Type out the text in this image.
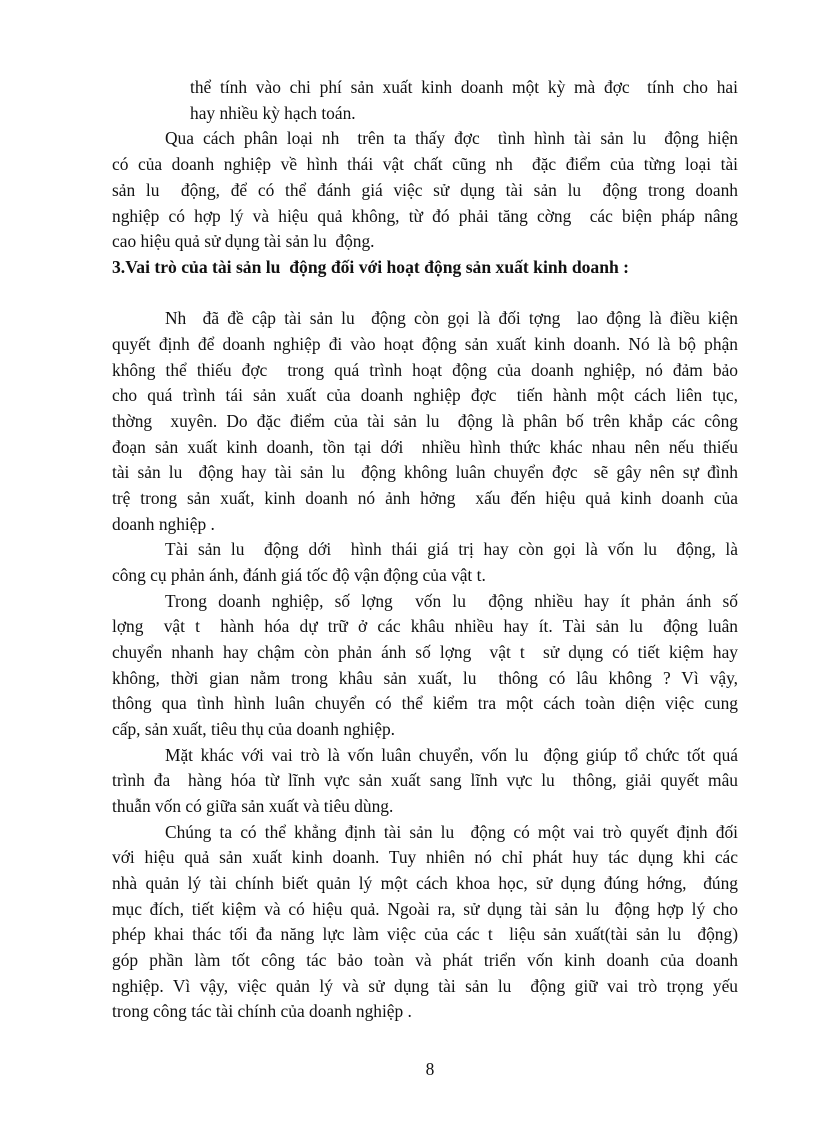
thể tính vào chi phí sản xuất kinh doanh một kỳ mà đợc  tính cho hai
hay nhiều kỳ hạch toán.
Qua cách phân loại nh  trên ta thấy đợc  tình hình tài sản lu  động hiện
có của doanh nghiệp về hình thái vật chất cũng nh  đặc điểm của từng loại tài
sản lu  động, để có thể đánh giá việc sử dụng tài sản lu  động trong doanh
nghiệp có hợp lý và hiệu quả không, từ đó phải tăng cờng  các biện pháp nâng
cao hiệu quả sử dụng tài sản lu  động.
3.Vai trò của tài sản lu  động đối với hoạt động sản xuất kinh doanh :
Nh  đã đề cập tài sản lu  động còn gọi là đối tợng  lao động là điều kiện
quyết định để doanh nghiệp đi vào hoạt động sản xuất kinh doanh. Nó là bộ phận
không thể thiếu đợc  trong quá trình hoạt động của doanh nghiệp, nó đảm bảo
cho quá trình tái sản xuất của doanh nghiệp đợc  tiến hành một cách liên tục,
thờng  xuyên. Do đặc điểm của tài sản lu  động là phân bố trên khắp các công
đoạn sản xuất kinh doanh, tồn tại dới  nhiều hình thức khác nhau nên nếu thiếu
tài sản lu  động hay tài sản lu  động không luân chuyển đợc  sẽ gây nên sự đình
trệ trong sản xuất, kinh doanh nó ảnh hởng  xấu đến hiệu quả kinh doanh của
doanh nghiệp .
Tài sản lu  động dới  hình thái giá trị hay còn gọi là vốn lu  động, là
công cụ phản ánh, đánh giá tốc độ vận động của vật t.
Trong doanh nghiệp, số lợng  vốn lu  động nhiều hay ít phản ánh số
lợng  vật t  hành hóa dự trữ ở các khâu nhiều hay ít. Tài sản lu  động luân
chuyển nhanh hay chậm còn phản ánh số lợng  vật t  sử dụng có tiết kiệm hay
không, thời gian nằm trong khâu sản xuất, lu  thông có lâu không ? Vì vậy,
thông qua tình hình luân chuyển có thể kiểm tra một cách toàn diện việc cung
cấp, sản xuất, tiêu thụ của doanh nghiệp.
Mặt khác với vai trò là vốn luân chuyển, vốn lu  động giúp tổ chức tốt quá
trình đa  hàng hóa từ lĩnh vực sản xuất sang lĩnh vực lu  thông, giải quyết mâu
thuẫn vốn có giữa sản xuất và tiêu dùng.
Chúng ta có thể khẳng định tài sản lu  động có một vai trò quyết định đối
với hiệu quả sản xuất kinh doanh. Tuy nhiên nó chỉ phát huy tác dụng khi các
nhà quản lý tài chính biết quản lý một cách khoa học, sử dụng đúng hớng,  đúng
mục đích, tiết kiệm và có hiệu quả. Ngoài ra, sử dụng tài sản lu  động hợp lý cho
phép khai thác tối đa năng lực làm việc của các t  liệu sản xuất(tài sản lu  động)
góp phần làm tốt công tác bảo toàn và phát triển vốn kinh doanh của doanh
nghiệp. Vì vậy, việc quản lý và sử dụng tài sản lu  động giữ vai trò trọng yếu
trong công tác tài chính của doanh nghiệp .
8
